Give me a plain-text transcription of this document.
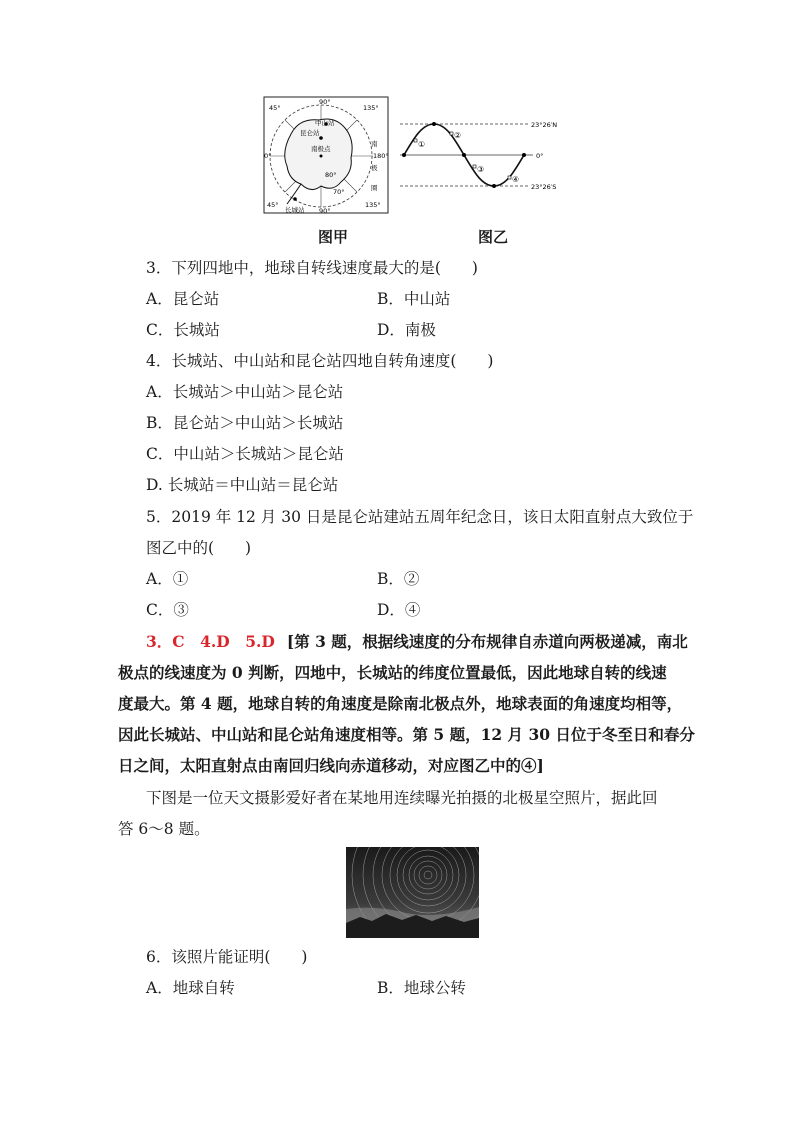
90°
135°
45°
0°	180°
90°
45°	135°
中山站
昆仑站
南极点
80°
70°
长城站
南
极
圈
①
②
③
④
23°26′N
0°
23°26′S
图甲	图乙
3．下列四地中，地球自转线速度最大的是(　　)
A．昆仑站	B．中山站
C．长城站	D．南极
4．长城站、中山站和昆仑站四地自转角速度(　　)
A．长城站＞中山站＞昆仑站
B．昆仑站＞中山站＞长城站
C．中山站＞长城站＞昆仑站
D. 长城站＝中山站＝昆仑站
5．2019 年 12 月 30 日是昆仑站建站五周年纪念日，该日太阳直射点大致位于
图乙中的(　　)
A．①	B．②
C．③	D．④
3．C　4.D　5.D [第 3 题，根据线速度的分布规律自赤道向两极递减，南北
极点的线速度为 0 判断，四地中，长城站的纬度位置最低，因此地球自转的线速
度最大。第 4 题，地球自转的角速度是除南北极点外，地球表面的角速度均相等，
因此长城站、中山站和昆仑站角速度相等。第 5 题，12 月 30 日位于冬至日和春分
日之间，太阳直射点由南回归线向赤道移动，对应图乙中的④]
下图是一位天文摄影爱好者在某地用连续曝光拍摄的北极星空照片，据此回
答 6～8 题。
6．该照片能证明(　　)
A．地球自转	B．地球公转
